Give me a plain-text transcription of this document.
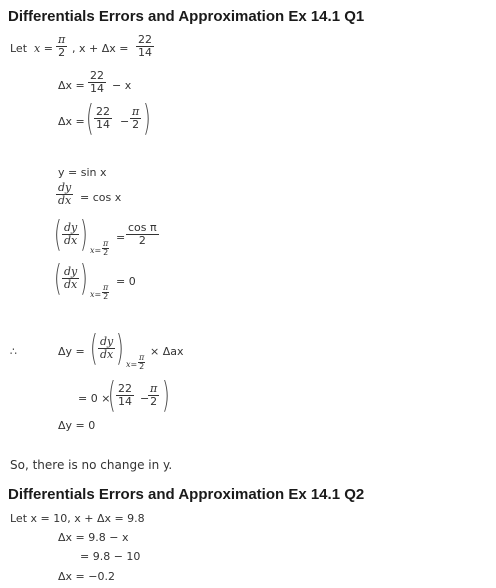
Differentials Errors and Approximation Ex 14.1 Q1
Let $x = \frac{\pi}{2}$ , $x + \Delta x = \frac{22}{14}$
$\Delta x = \frac{22}{14} - x$
Δx = ( $\frac{22}{14} - \frac{\pi}{2}$ )
y = sin x
$\frac{dy}{dx} = \cos x$
( $\frac{dy}{dx}$ ) $x= \frac{\pi}{2}$
= $\frac{\text{cos π}}{2}$
( $\frac{dy}{dx}$ ) $x= \frac{\pi}{2}$
= 0
∴	Δy = ( $\frac{dy}{dx}$ ) $x= \frac{\pi}{2}$
× Δax
= 0 ×
( $\frac{22}{14}$ −
$\frac{\pi}{2}$ )
Δy = 0
So, there is no change in y.
Differentials Errors and Approximation Ex 14.1 Q2
Let x = 10, x + Δx = 9.8
Δx = 9.8 − x
= 9.8 − 10
Δx = −0.2
